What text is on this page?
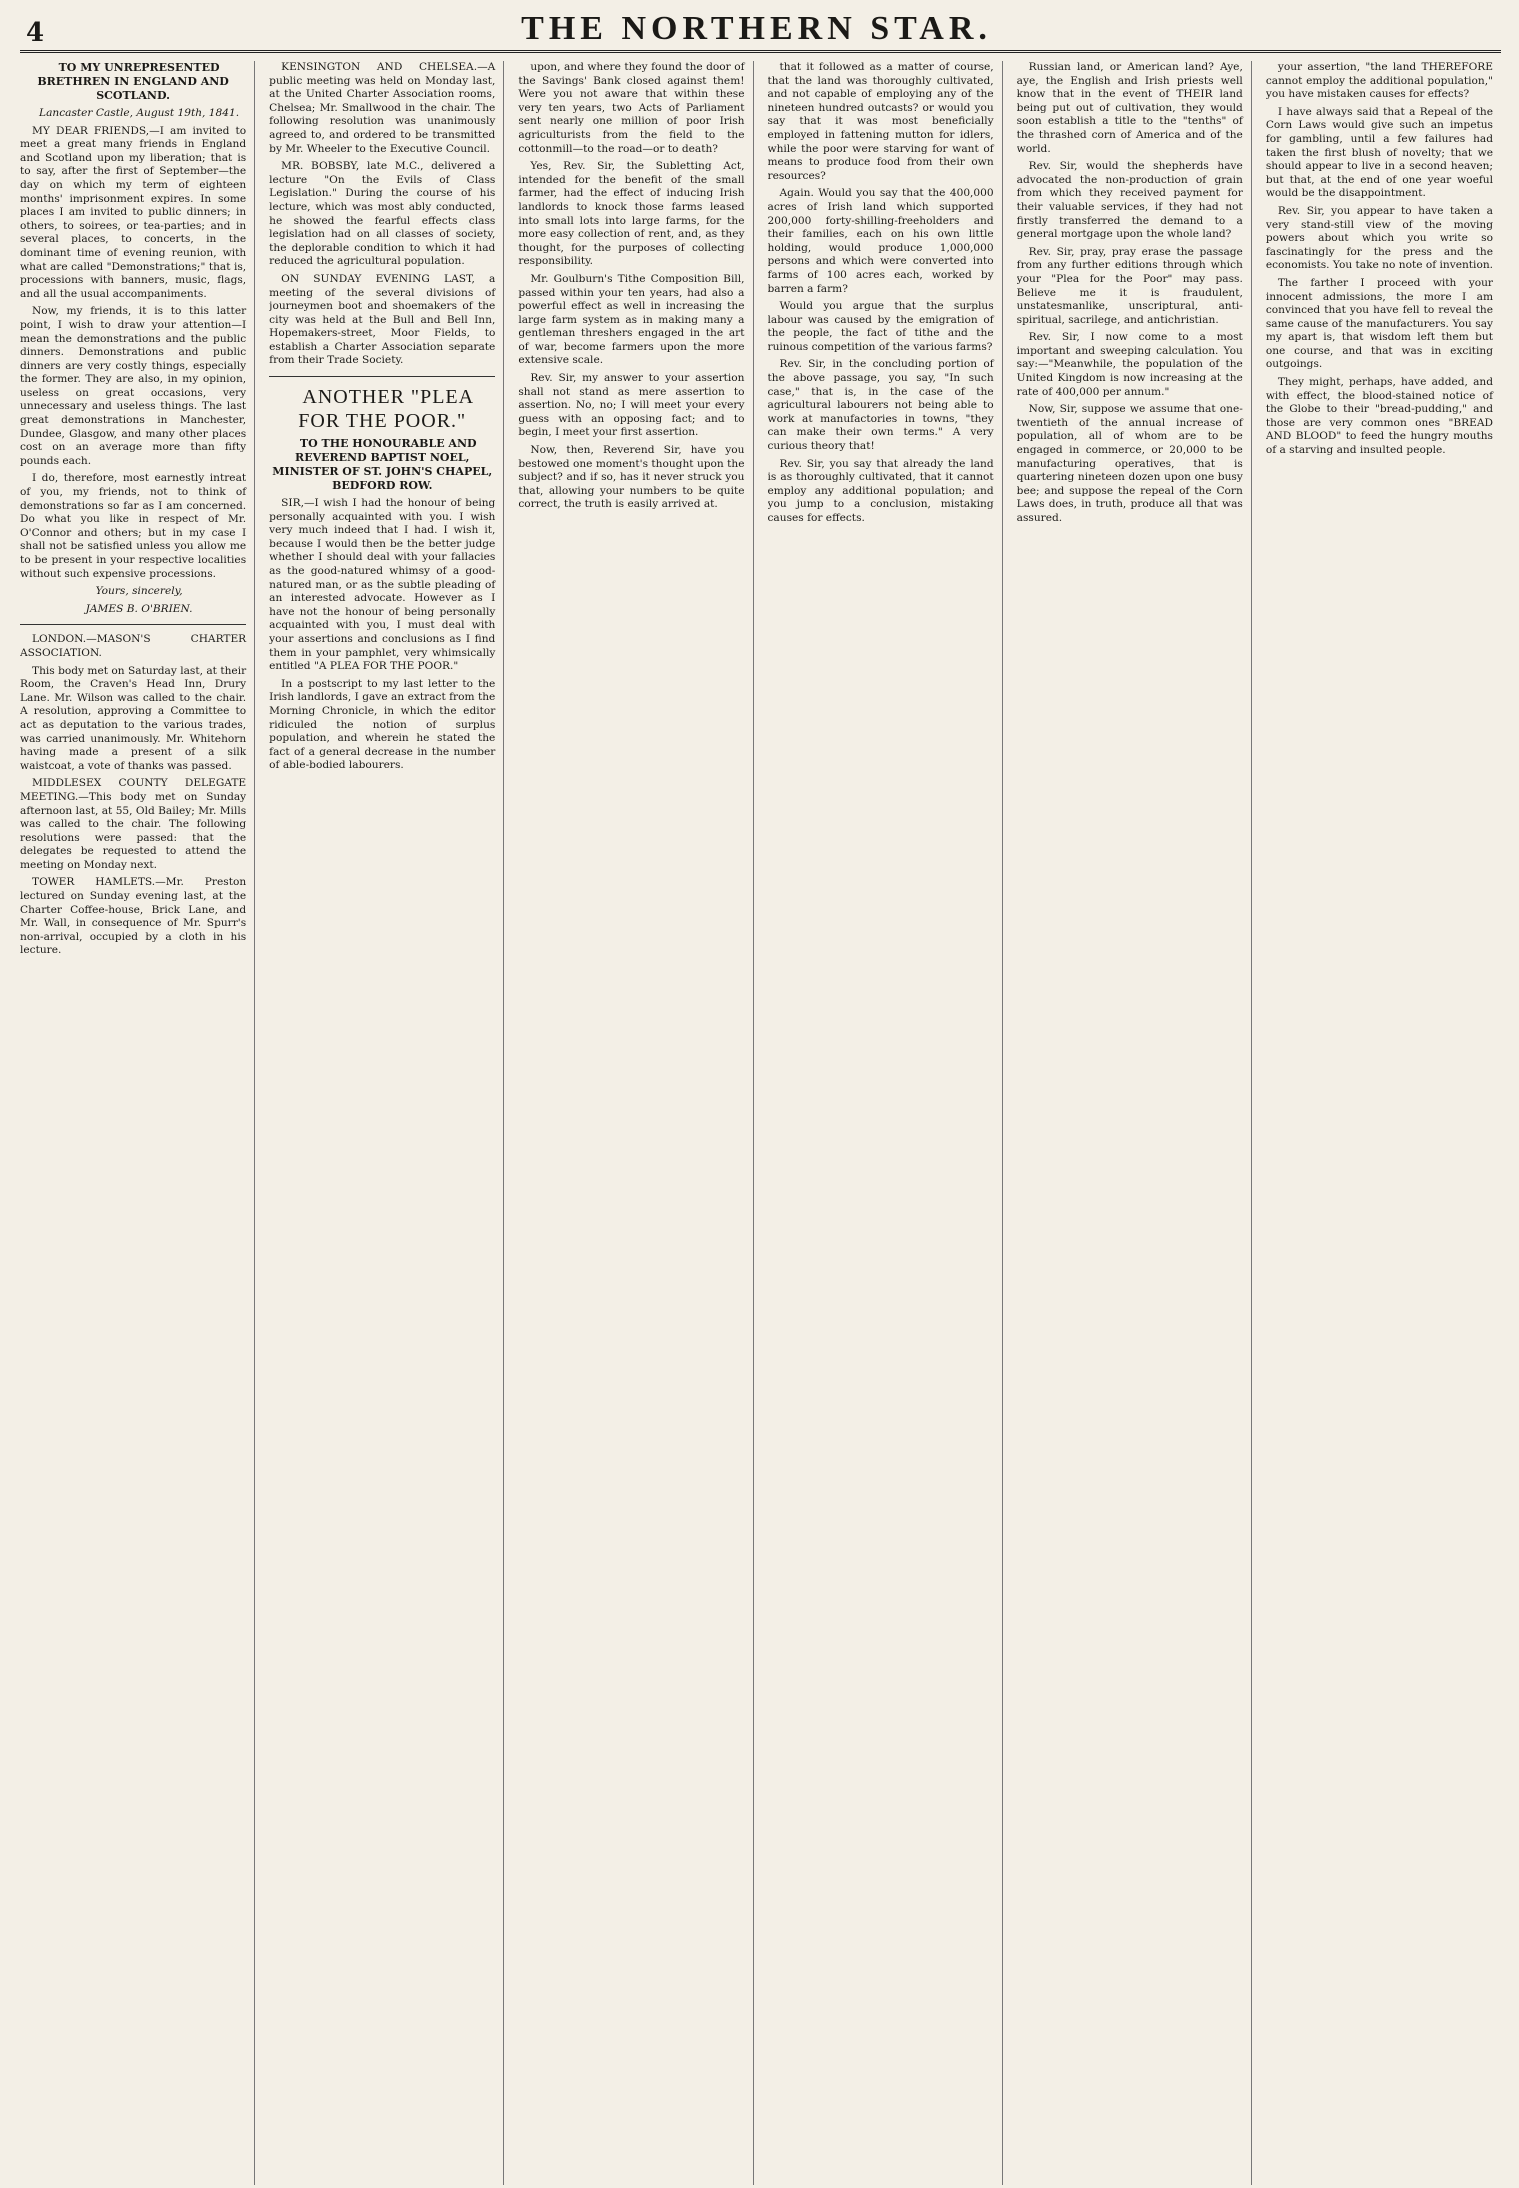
4	THE NORTHERN STAR.

TO MY UNREPRESENTED BRETHREN IN ENGLAND AND SCOTLAND.

Lancaster Castle, August 19th, 1841.

MY DEAR FRIENDS,—I am invited to meet a great many friends in England and Scotland upon my liberation; that is to say, after the first of September—the day on which my term of eighteen months' imprisonment expires. In some places I am invited to public dinners; in others, to soirees, or tea-parties; and in several places, to concerts, in the dominant time of evening reunion, with what are called "Demonstrations;" that is, processions with banners, music, flags, and all the usual accompaniments.

Now, my friends, it is to this latter point, I wish to draw your attention—I mean the demonstrations and the public dinners. Demonstrations and public dinners are very costly things, especially the former. They are also, in my opinion, useless on great occasions, very unnecessary and useless things. The last great demonstrations in Manchester, Dundee, Glasgow, and many other places cost on an average more than fifty pounds each.

I do, therefore, most earnestly intreat of you, my friends, not to think of demonstrations so far as I am concerned. Do what you like in respect of Mr. O'Connor and others; but in my case I shall not be satisfied unless you allow me to be present in your respective localities without such expensive processions.

Yours, sincerely,

JAMES B. O'BRIEN.

LONDON.—MASON'S CHARTER ASSOCIATION.

This body met on Saturday last, at their Room, the Craven's Head Inn, Drury Lane. Mr. Wilson was called to the chair. A resolution, approving a Committee to act as deputation to the various trades, was carried unanimously. Mr. Whitehorn having made a present of a silk waistcoat, a vote of thanks was passed.

MIDDLESEX COUNTY DELEGATE MEETING.—This body met on Sunday afternoon last, at 55, Old Bailey; Mr. Mills was called to the chair. The following resolutions were passed: that the delegates be requested to attend the meeting on Monday next.

TOWER HAMLETS.—Mr. Preston lectured on Sunday evening last, at the Charter Coffee-house, Brick Lane, and Mr. Wall, in consequence of Mr. Spurr's non-arrival, occupied by a cloth in his lecture.

KENSINGTON AND CHELSEA.—A public meeting was held on Monday last, at the United Charter Association rooms, Chelsea; Mr. Smallwood in the chair. The following resolution was unanimously agreed to, and ordered to be transmitted by Mr. Wheeler to the Executive Council.

MR. BOBSBY, late M.C., delivered a lecture "On the Evils of Class Legislation." During the course of his lecture, which was most ably conducted, he showed the fearful effects class legislation had on all classes of society, the deplorable condition to which it had reduced the agricultural population.

ON SUNDAY EVENING LAST, a meeting of the several divisions of journeymen boot and shoemakers of the city was held at the Bull and Bell Inn, Hopemakers-street, Moor Fields, to establish a Charter Association separate from their Trade Society.

ANOTHER "PLEA FOR THE POOR."

TO THE HONOURABLE AND REVEREND BAPTIST NOEL, MINISTER OF ST. JOHN'S CHAPEL, BEDFORD ROW.

SIR,—I wish I had the honour of being personally acquainted with you. I wish very much indeed that I had. I wish it, because I would then be the better judge whether I should deal with your fallacies as the good-natured whimsy of a good-natured man, or as the subtle pleading of an interested advocate. However as I have not the honour of being personally acquainted with you, I must deal with your assertions and conclusions as I find them in your pamphlet, very whimsically entitled "A PLEA FOR THE POOR."

In a postscript to my last letter to the Irish landlords, I gave an extract from the Morning Chronicle, in which the editor ridiculed the notion of surplus population, and wherein he stated the fact of a general decrease in the number of able-bodied labourers.

upon, and where they found the door of the Savings' Bank closed against them! Were you not aware that within these very ten years, two Acts of Parliament sent nearly one million of poor Irish agriculturists from the field to the cottonmill—to the road—or to death?

Yes, Rev. Sir, the Subletting Act, intended for the benefit of the small farmer, had the effect of inducing Irish landlords to knock those farms leased into small lots into large farms, for the more easy collection of rent, and, as they thought, for the purposes of collecting responsibility.

Mr. Goulburn's Tithe Composition Bill, passed within your ten years, had also a powerful effect as well in increasing the large farm system as in making many a gentleman threshers engaged in the art of war, become farmers upon the more extensive scale.

Rev. Sir, my answer to your assertion shall not stand as mere assertion to assertion. No, no; I will meet your every guess with an opposing fact; and to begin, I meet your first assertion.

Now, then, Reverend Sir, have you bestowed one moment's thought upon the subject? and if so, has it never struck you that, allowing your numbers to be quite correct, the truth is easily arrived at.

that it followed as a matter of course, that the land was thoroughly cultivated, and not capable of employing any of the nineteen hundred outcasts? or would you say that it was most beneficially employed in fattening mutton for idlers, while the poor were starving for want of means to produce food from their own resources?

Again. Would you say that the 400,000 acres of Irish land which supported 200,000 forty-shilling-freeholders and their families, each on his own little holding, would produce 1,000,000 persons and which were converted into farms of 100 acres each, worked by barren a farm?

Would you argue that the surplus labour was caused by the emigration of the people, the fact of tithe and the ruinous competition of the various farms?

Rev. Sir, in the concluding portion of the above passage, you say, "In such case," that is, in the case of the agricultural labourers not being able to work at manufactories in towns, "they can make their own terms." A very curious theory that!

Rev. Sir, you say that already the land is as thoroughly cultivated, that it cannot employ any additional population; and you jump to a conclusion, mistaking causes for effects.

Russian land, or American land? Aye, aye, the English and Irish priests well know that in the event of THEIR land being put out of cultivation, they would soon establish a title to the "tenths" of the thrashed corn of America and of the world.

Rev. Sir, would the shepherds have advocated the non-production of grain from which they received payment for their valuable services, if they had not firstly transferred the demand to a general mortgage upon the whole land?

Rev. Sir, pray, pray erase the passage from any further editions through which your "Plea for the Poor" may pass. Believe me it is fraudulent, unstatesmanlike, unscriptural, anti-spiritual, sacrilege, and antichristian.

Rev. Sir, I now come to a most important and sweeping calculation. You say:—"Meanwhile, the population of the United Kingdom is now increasing at the rate of 400,000 per annum."

Now, Sir, suppose we assume that one-twentieth of the annual increase of population, all of whom are to be engaged in commerce, or 20,000 to be manufacturing operatives, that is quartering nineteen dozen upon one busy bee; and suppose the repeal of the Corn Laws does, in truth, produce all that was assured.

your assertion, "the land THEREFORE cannot employ the additional population," you have mistaken causes for effects?

I have always said that a Repeal of the Corn Laws would give such an impetus for gambling, until a few failures had taken the first blush of novelty; that we should appear to live in a second heaven; but that, at the end of one year woeful would be the disappointment.

Rev. Sir, you appear to have taken a very stand-still view of the moving powers about which you write so fascinatingly for the press and the economists. You take no note of invention.

The farther I proceed with your innocent admissions, the more I am convinced that you have fell to reveal the same cause of the manufacturers. You say my apart is, that wisdom left them but one course, and that was in exciting outgoings.

They might, perhaps, have added, and with effect, the blood-stained notice of the Globe to their "bread-pudding," and those are very common ones "BREAD AND BLOOD" to feed the hungry mouths of a starving and insulted people.
